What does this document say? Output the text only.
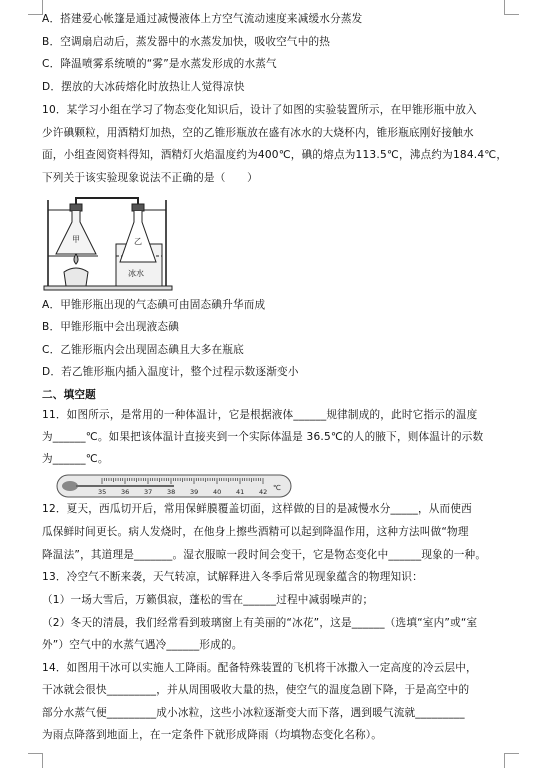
A．搭建爱心帐篷是通过减慢液体上方空气流动速度来减缓水分蒸发
B．空调扇启动后，蒸发器中的水蒸发加快，吸收空气中的热
C．降温喷雾系统喷的“雾”是水蒸发形成的水蒸气
D．摆放的大冰砖熔化时放热让人觉得凉快
10．某学习小组在学习了物态变化知识后，设计了如图的实验装置所示，在甲锥形瓶中放入
少许碘颗粒，用酒精灯加热，空的乙锥形瓶放在盛有冰水的大烧杯内，锥形瓶底刚好接触水
面，小组查阅资料得知，酒精灯火焰温度约为400℃，碘的熔点为113.5℃，沸点约为184.4℃，
下列关于该实验现象说法不正确的是（　　）
甲	乙
冰水
A．甲锥形瓶出现的气态碘可由固态碘升华而成
B．甲锥形瓶中会出现液态碘
C．乙锥形瓶内会出现固态碘且大多在瓶底
D．若乙锥形瓶内插入温度计，整个过程示数逐渐变小
二、填空题
11．如图所示，是常用的一种体温计，它是根据液体______规律制成的，此时它指示的温度
为______℃。如果把该体温计直接夹到一个实际体温是 36.5℃的人的腋下，则体温计的示数
为______℃。
35 36 37 38 39 40 41 42 ℃
12．夏天，西瓜切开后，常用保鲜膜覆盖切面，这样做的目的是减慢水分_____，从而使西
瓜保鲜时间更长。病人发烧时，在他身上擦些酒精可以起到降温作用，这种方法叫做“物理
降温法”，其道理是_______。湿衣服晾一段时间会变干，它是物态变化中______现象的一种。
13．冷空气不断来袭，天气转凉，试解释进入冬季后常见现象蕴含的物理知识：
（1）一场大雪后，万籁俱寂，蓬松的雪在______过程中减弱噪声的；
（2）冬天的清晨，我们经常看到玻璃窗上有美丽的“冰花”，这是______（选填“室内”或“室
外”）空气中的水蒸气遇冷______形成的。
14．如图用干冰可以实施人工降雨。配备特殊装置的飞机将干冰撒入一定高度的冷云层中，
干冰就会很快_________，并从周围吸收大量的热，使空气的温度急剧下降，于是高空中的
部分水蒸气便_________成小冰粒，这些小冰粒逐渐变大而下落，遇到暖气流就_________
为雨点降落到地面上，在一定条件下就形成降雨（均填物态变化名称）。
